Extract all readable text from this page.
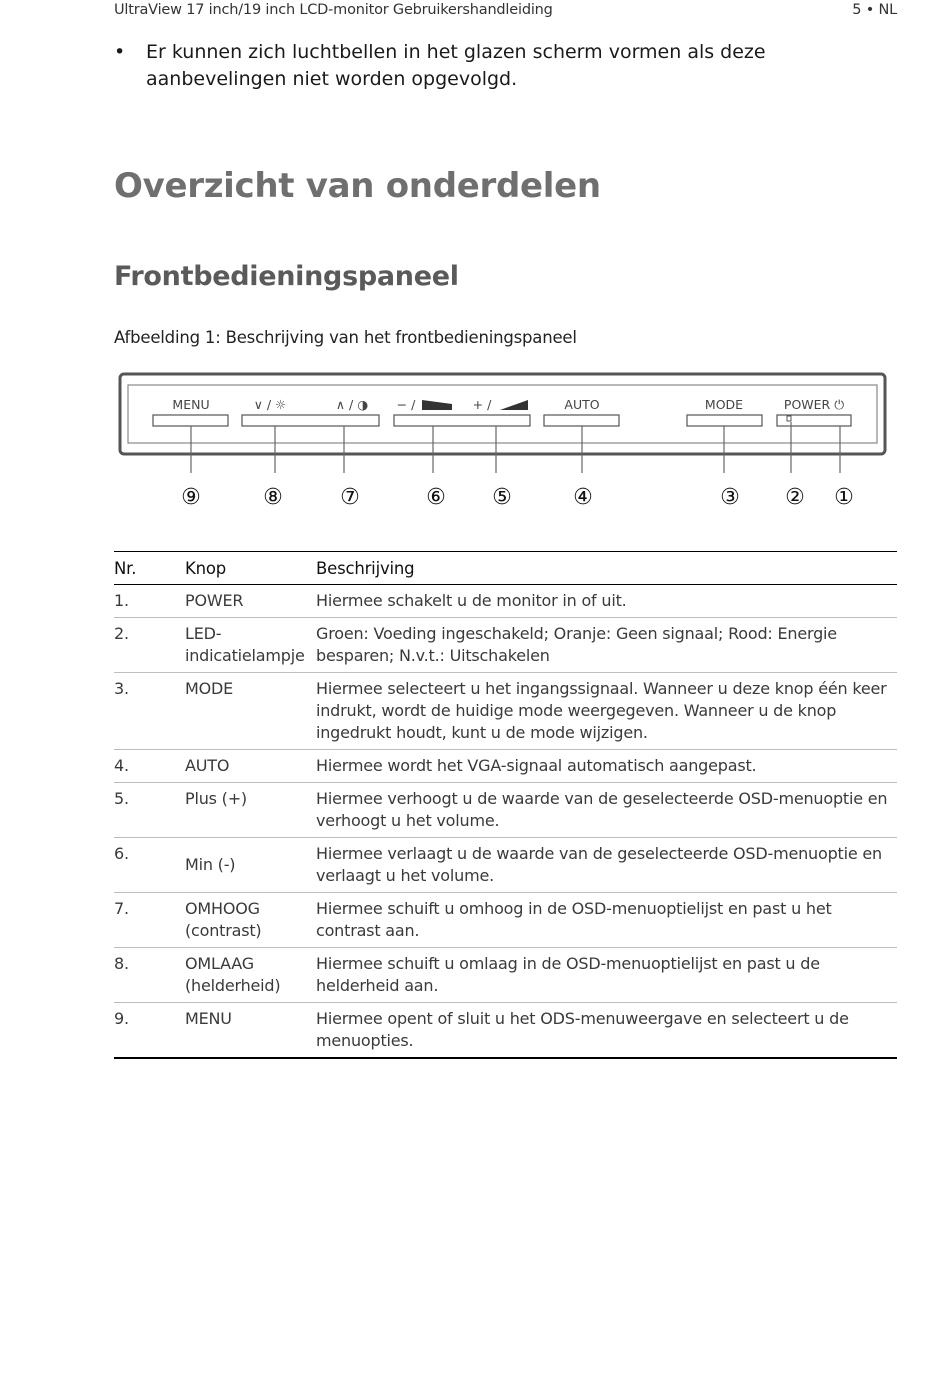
UltraView 17 inch/19 inch LCD-monitor Gebruikershandleiding	5 • NL
• Er kunnen zich luchtbellen in het glazen scherm vormen als deze aanbevelingen niet worden opgevolgd.
Overzicht van onderdelen
Frontbedieningspaneel
Afbeelding 1: Beschrijving van het frontbedieningspaneel
MENU	∨ / ☼	∧ / ◑ − /	+ /	AUTO	MODE	POWER ⏻
⑨	⑧	⑦	⑥ ⑤	④	③ ② ①
Nr.	Knop	Beschrijving
1.	POWER	Hiermee schakelt u de monitor in of uit.
2.	LED-indicatielampje	Groen: Voeding ingeschakeld; Oranje: Geen signaal; Rood: Energie besparen; N.v.t.: Uitschakelen
3.	MODE	Hiermee selecteert u het ingangssignaal. Wanneer u deze knop één keer indrukt, wordt de huidige mode weergegeven. Wanneer u de knop ingedrukt houdt, kunt u de mode wijzigen.
4.	AUTO	Hiermee wordt het VGA-signaal automatisch aangepast.
5.	Plus (+)	Hiermee verhoogt u de waarde van de geselecteerde OSD-menuoptie en verhoogt u het volume.
6.	Min (-)	Hiermee verlaagt u de waarde van de geselecteerde OSD-menuoptie en verlaagt u het volume.
7.	OMHOOG (contrast)	Hiermee schuift u omhoog in de OSD-menuoptielijst en past u het contrast aan.
8.	OMLAAG (helderheid)	Hiermee schuift u omlaag in de OSD-menuoptielijst en past u de helderheid aan.
9.	MENU	Hiermee opent of sluit u het ODS-menuweergave en selecteert u de menuopties.
